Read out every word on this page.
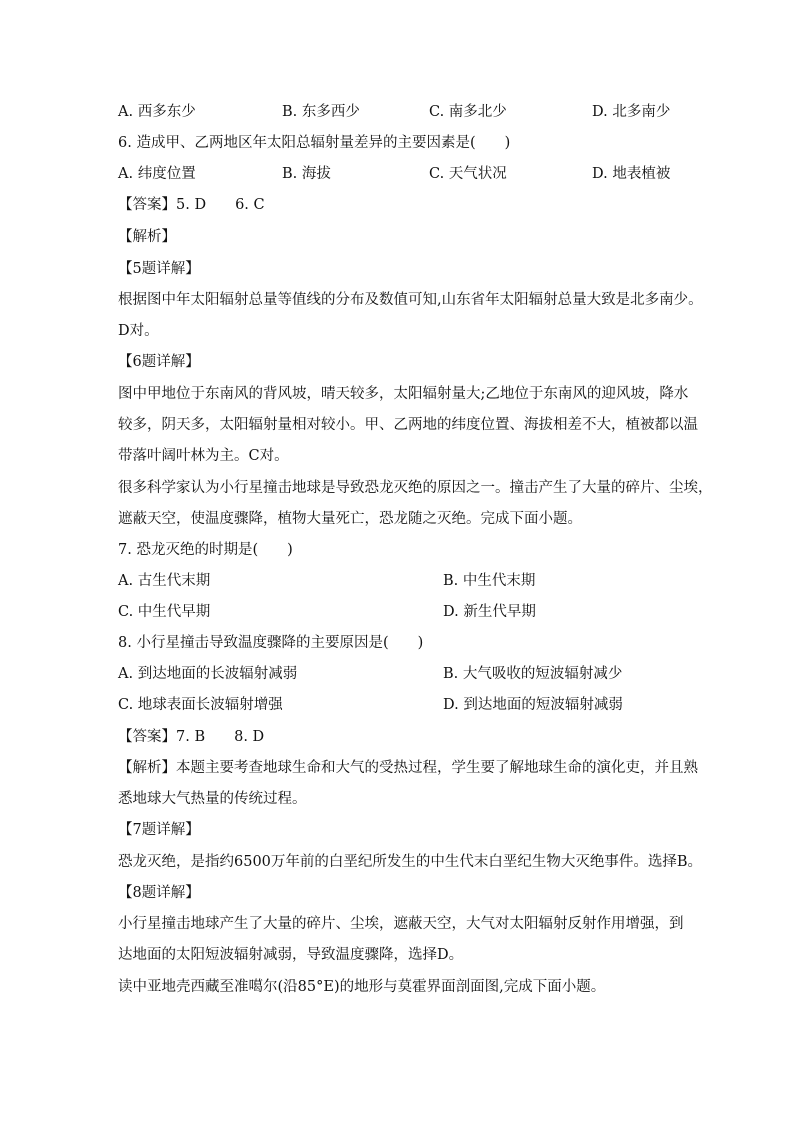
A. 西多东少	B. 东多西少	C. 南多北少	D. 北多南少
6. 造成甲、乙两地区年太阳总辐射量差异的主要因素是(　　)
A. 纬度位置	B. 海拔	C. 天气状况	D. 地表植被
【答案】5. D　　6. C
【解析】
【5题详解】
根据图中年太阳辐射总量等值线的分布及数值可知,山东省年太阳辐射总量大致是北多南少。
D对。
【6题详解】
图中甲地位于东南风的背风坡，晴天较多，太阳辐射量大;乙地位于东南风的迎风坡，降水
较多，阴天多，太阳辐射量相对较小。甲、乙两地的纬度位置、海拔相差不大，植被都以温
带落叶阔叶林为主。C对。
很多科学家认为小行星撞击地球是导致恐龙灭绝的原因之一。撞击产生了大量的碎片、尘埃，
遮蔽天空，使温度骤降，植物大量死亡，恐龙随之灭绝。完成下面小题。
7. 恐龙灭绝的时期是(　　)
A. 古生代末期	B. 中生代末期
C. 中生代早期	D. 新生代早期
8. 小行星撞击导致温度骤降的主要原因是(　　)
A. 到达地面的长波辐射减弱	B. 大气吸收的短波辐射减少
C. 地球表面长波辐射增强	D. 到达地面的短波辐射减弱
【答案】7. B　　8. D
【解析】本题主要考查地球生命和大气的受热过程，学生要了解地球生命的演化吏，并且熟
悉地球大气热量的传统过程。
【7题详解】
恐龙灭绝，是指约6500万年前的白垩纪所发生的中生代末白垩纪生物大灭绝事件。选择B。
【8题详解】
小行星撞击地球产生了大量的碎片、尘埃，遮蔽天空，大气对太阳辐射反射作用增强，到
达地面的太阳短波辐射减弱，导致温度骤降，选择D。
读中亚地壳西藏至准噶尔(沿85°E)的地形与莫霍界面剖面图,完成下面小题。
